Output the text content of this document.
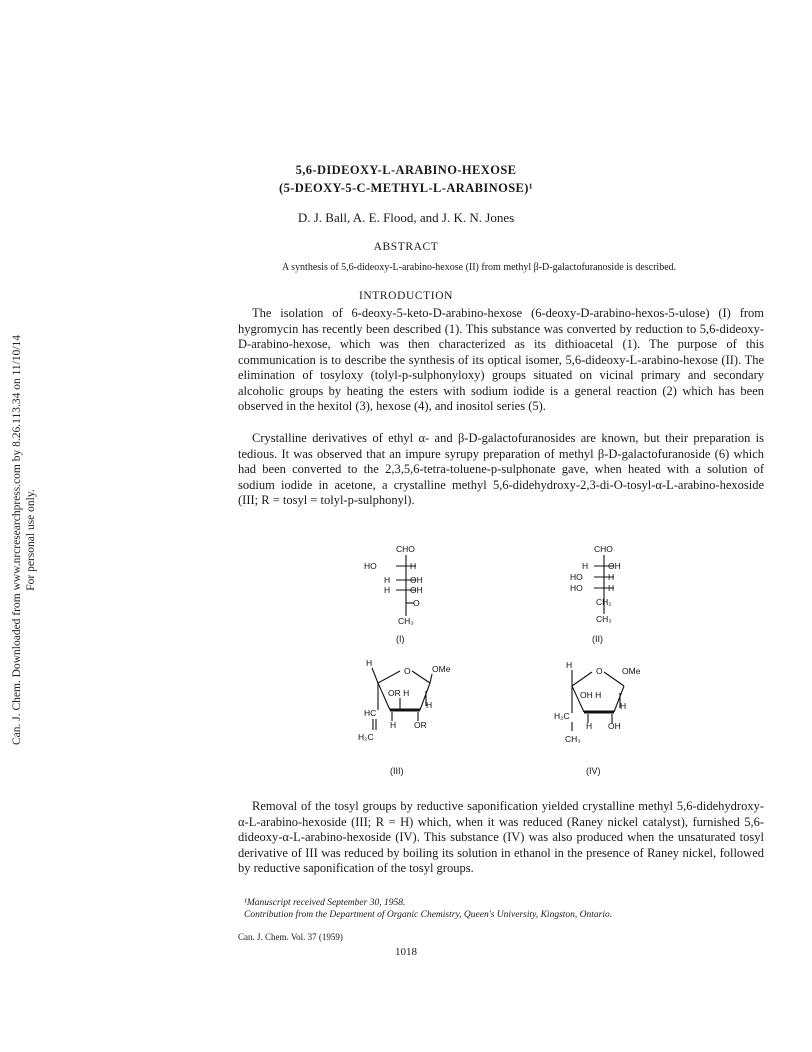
Can. J. Chem. Downloaded from www.nrcresearchpress.com by 8.26.113.34 on 11/10/14 For personal use only.
5,6-DIDEOXY-L-ARABINO-HEXOSE
(5-DEOXY-5-C-METHYL-L-ARABINOSE)¹
D. J. Ball, A. E. Flood, and J. K. N. Jones
ABSTRACT
A synthesis of 5,6-dideoxy-L-arabino-hexose (II) from methyl β-D-galactofuranoside is described.
INTRODUCTION
The isolation of 6-deoxy-5-keto-D-arabino-hexose (6-deoxy-D-arabino-hexos-5-ulose) (I) from hygromycin has recently been described (1). This substance was converted by reduction to 5,6-dideoxy-D-arabino-hexose, which was then characterized as its dithioacetal (1). The purpose of this communication is to describe the synthesis of its optical isomer, 5,6-dideoxy-L-arabino-hexose (II). The elimination of tosyloxy (tolyl-p-sulphonyloxy) groups situated on vicinal primary and secondary alcoholic groups by heating the esters with sodium iodide is a general reaction (2) which has been observed in the hexitol (3), hexose (4), and inositol series (5).
Crystalline derivatives of ethyl α- and β-D-galactofuranosides are known, but their preparation is tedious. It was observed that an impure syrupy preparation of methyl β-D-galactofuranoside (6) which had been converted to the 2,3,5,6-tetra-toluene-p-sulphonate gave, when heated with a solution of sodium iodide in acetone, a crystalline methyl 5,6-didehydroxy-2,3-di-O-tosyl-α-L-arabino-hexoside (III; R = tosyl = tolyl-p-sulphonyl).
CHO
HO	H
H OH
H OH
O
CH₃
(I)
CHO
H OH
HO	H
HO	H
CH₂
CH₃
(II)
H
O	OMe
OR H
H
HC
H OR
H₂C
(III)
H
O OMe
OH H
H
H₂C
H OH
CH₃
(IV)
Removal of the tosyl groups by reductive saponification yielded crystalline methyl 5,6-didehydroxy-α-L-arabino-hexoside (III; R = H) which, when it was reduced (Raney nickel catalyst), furnished 5,6-dideoxy-α-L-arabino-hexoside (IV). This substance (IV) was also produced when the unsaturated tosyl derivative of III was reduced by boiling its solution in ethanol in the presence of Raney nickel, followed by reductive saponification of the tosyl groups.
¹Manuscript received September 30, 1958.
Contribution from the Department of Organic Chemistry, Queen's University, Kingston, Ontario.
Can. J. Chem. Vol. 37 (1959)
1018
